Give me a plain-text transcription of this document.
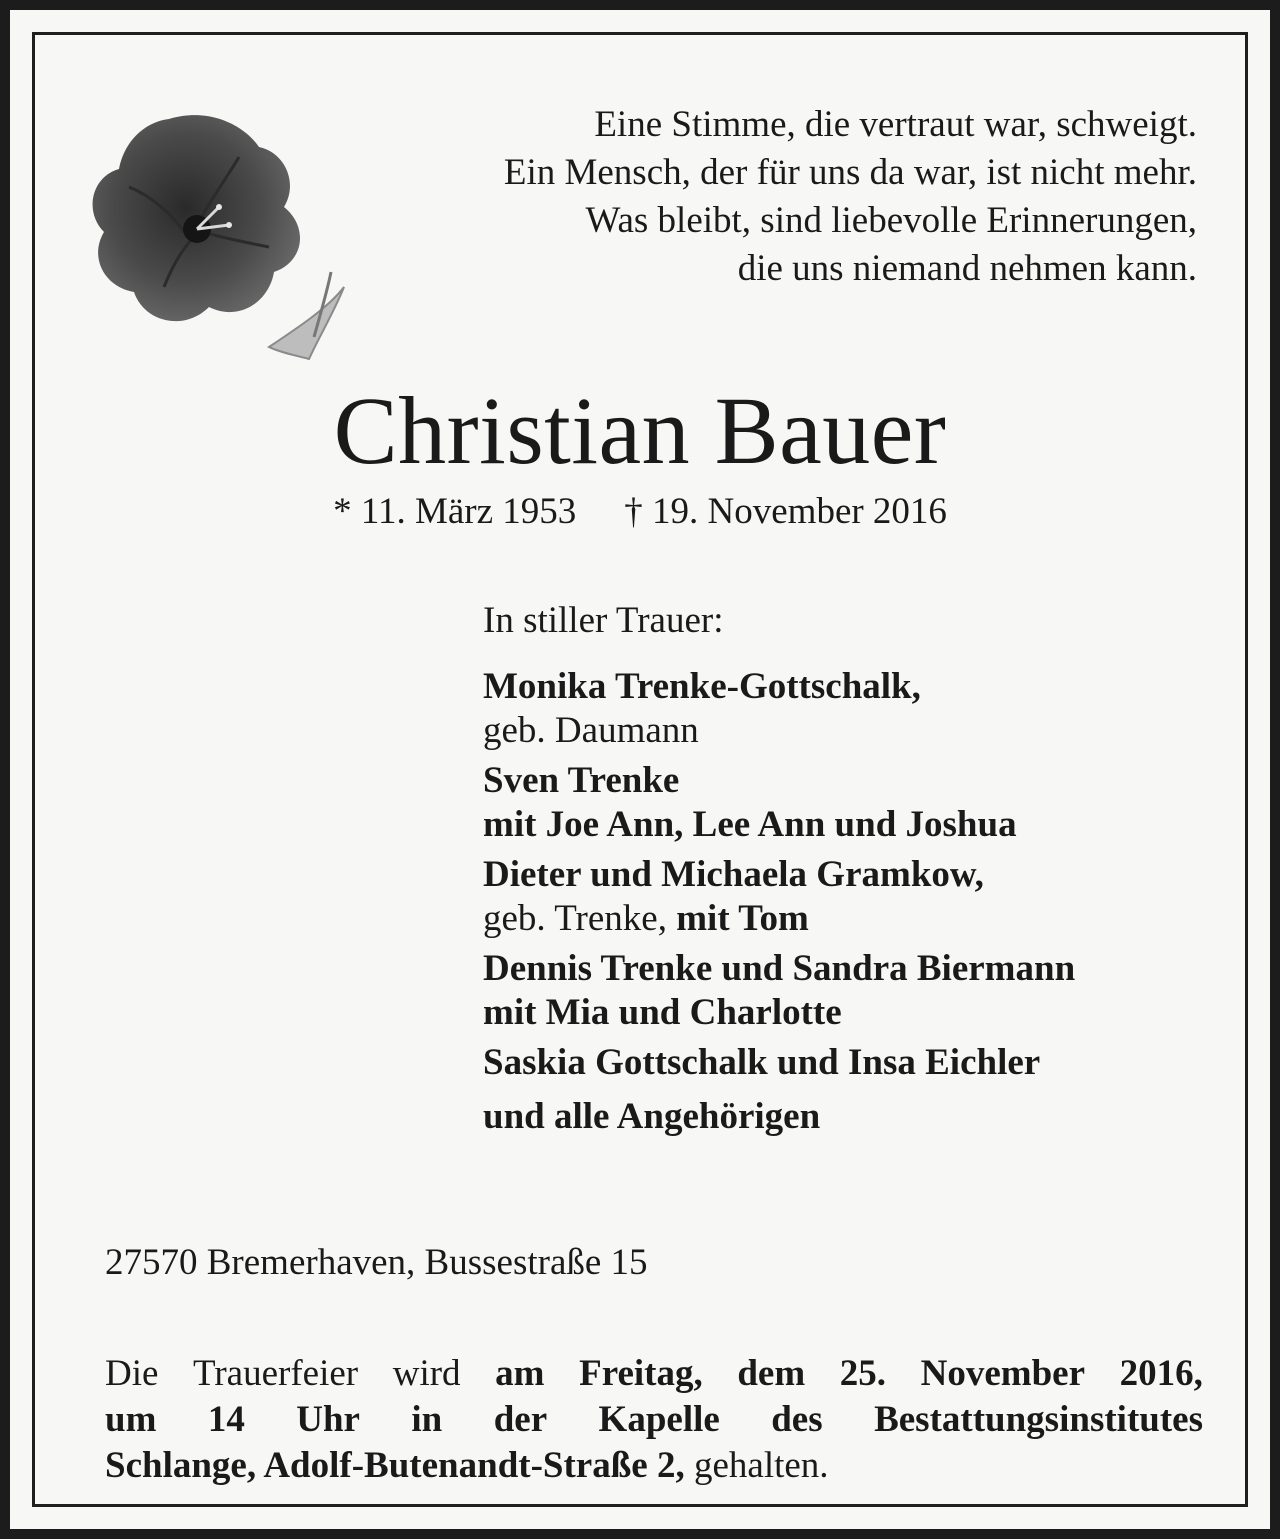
Eine Stimme, die vertraut war, schweigt.
Ein Mensch, der für uns da war, ist nicht mehr.
Was bleibt, sind liebevolle Erinnerungen,
die uns niemand nehmen kann.
Christian Bauer
* 11. März 1953 † 19. November 2016
In stiller Trauer:
Monika Trenke-Gottschalk,
geb. Daumann
Sven Trenke
mit Joe Ann, Lee Ann und Joshua
Dieter und Michaela Gramkow,
geb. Trenke, mit Tom
Dennis Trenke und Sandra Biermann
mit Mia und Charlotte
Saskia Gottschalk und Insa Eichler
und alle Angehörigen
27570 Bremerhaven, Bussestraße 15
Die Trauerfeier wird am Freitag, dem 25. November 2016,
um 14 Uhr in der Kapelle des Bestattungsinstitutes
Schlange, Adolf-Butenandt-Straße 2, gehalten.
